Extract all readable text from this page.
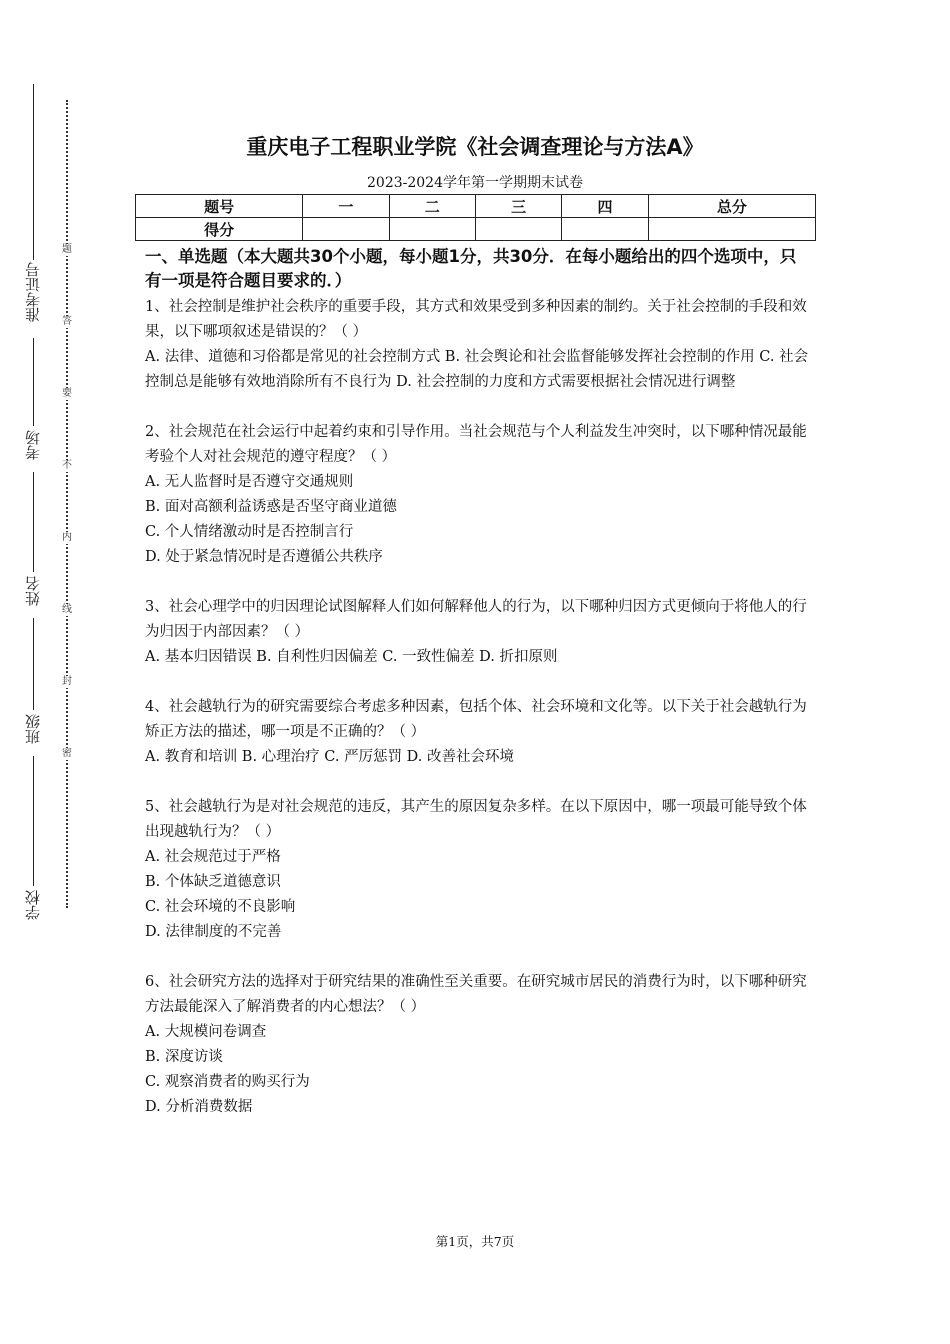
准考证号
考场
姓名
班级
学校
题
答
要
不
内
线
封
密
重庆电子工程职业学院《社会调查理论与方法A》
2023-2024学年第一学期期末试卷
题号	一	二	三	四	总分
得分					
一、单选题（本大题共30个小题，每小题1分，共30分．在每小题给出的四个选项中，只有一项是符合题目要求的．）
1、社会控制是维护社会秩序的重要手段，其方式和效果受到多种因素的制约。关于社会控制的手段和效果，以下哪项叙述是错误的？（ ）
A. 法律、道德和习俗都是常见的社会控制方式 B. 社会舆论和社会监督能够发挥社会控制的作用 C. 社会控制总是能够有效地消除所有不良行为 D. 社会控制的力度和方式需要根据社会情况进行调整
2、社会规范在社会运行中起着约束和引导作用。当社会规范与个人利益发生冲突时，以下哪种情况最能考验个人对社会规范的遵守程度？（ ）
A. 无人监督时是否遵守交通规则
B. 面对高额利益诱惑是否坚守商业道德
C. 个人情绪激动时是否控制言行
D. 处于紧急情况时是否遵循公共秩序
3、社会心理学中的归因理论试图解释人们如何解释他人的行为，以下哪种归因方式更倾向于将他人的行为归因于内部因素？（ ）
A. 基本归因错误 B. 自利性归因偏差 C. 一致性偏差 D. 折扣原则
4、社会越轨行为的研究需要综合考虑多种因素，包括个体、社会环境和文化等。以下关于社会越轨行为矫正方法的描述，哪一项是不正确的？（ ）
A. 教育和培训 B. 心理治疗 C. 严厉惩罚 D. 改善社会环境
5、社会越轨行为是对社会规范的违反，其产生的原因复杂多样。在以下原因中，哪一项最可能导致个体出现越轨行为？（ ）
A. 社会规范过于严格
B. 个体缺乏道德意识
C. 社会环境的不良影响
D. 法律制度的不完善
6、社会研究方法的选择对于研究结果的准确性至关重要。在研究城市居民的消费行为时，以下哪种研究方法最能深入了解消费者的内心想法？（ ）
A. 大规模问卷调查
B. 深度访谈
C. 观察消费者的购买行为
D. 分析消费数据
第1页，共7页
